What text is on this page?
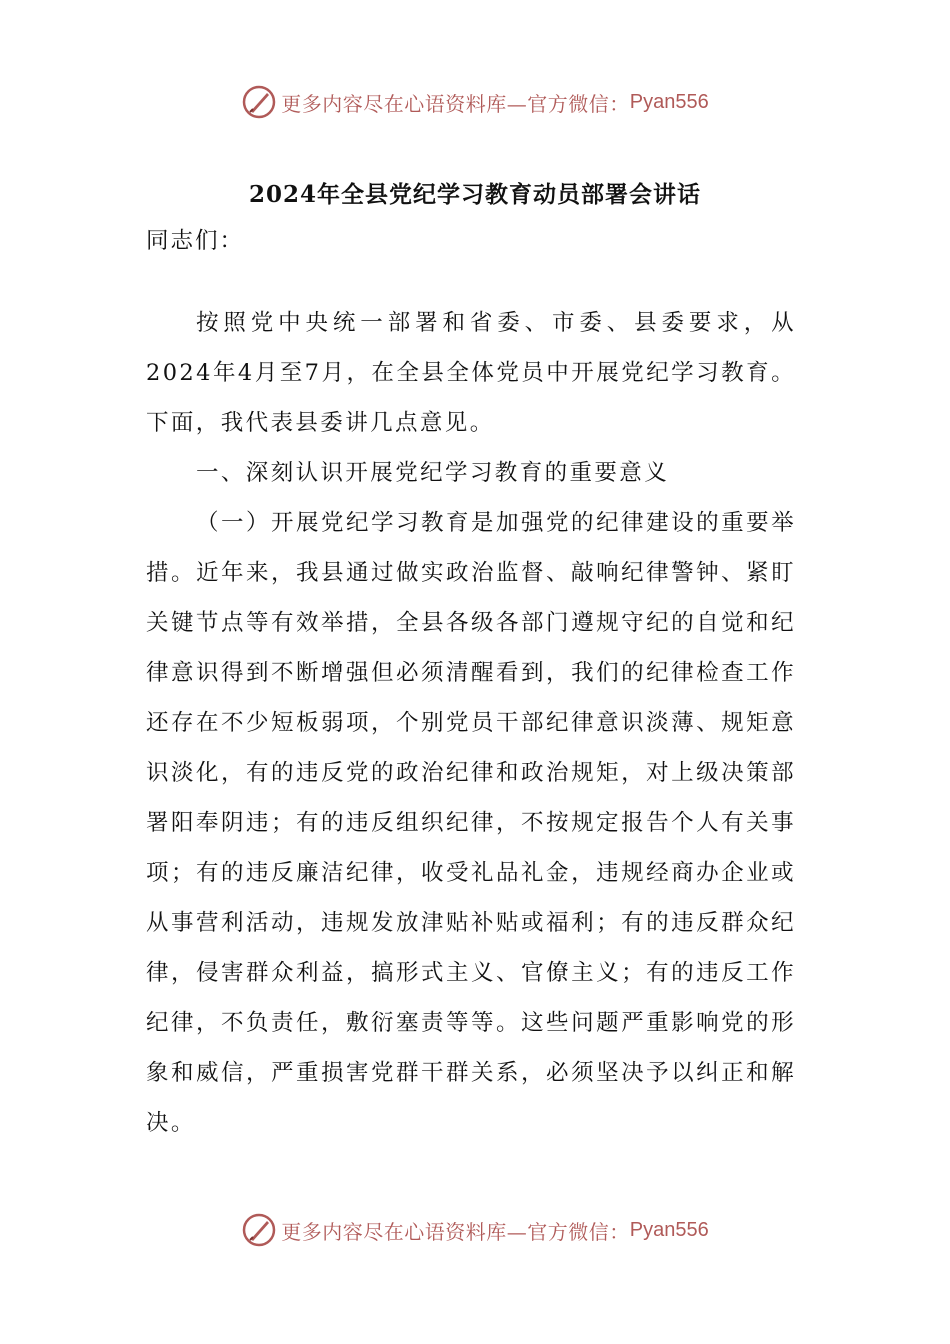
更多内容尽在心语资料库—官方微信： Pyan556
2024年全县党纪学习教育动员部署会讲话
同志们：

按照党中央统一部署和省委、市委、县委要求，从2024年4月至7月，在全县全体党员中开展党纪学习教育。下面，我代表县委讲几点意见。

一、深刻认识开展党纪学习教育的重要意义

（一）开展党纪学习教育是加强党的纪律建设的重要举措。近年来，我县通过做实政治监督、敲响纪律警钟、紧盯关键节点等有效举措，全县各级各部门遵规守纪的自觉和纪律意识得到不断增强但必须清醒看到，我们的纪律检查工作还存在不少短板弱项，个别党员干部纪律意识淡薄、规矩意识淡化，有的违反党的政治纪律和政治规矩，对上级决策部署阳奉阴违；有的违反组织纪律，不按规定报告个人有关事项；有的违反廉洁纪律，收受礼品礼金，违规经商办企业或从事营利活动，违规发放津贴补贴或福利；有的违反群众纪律，侵害群众利益，搞形式主义、官僚主义；有的违反工作纪律，不负责任，敷衍塞责等等。这些问题严重影响党的形象和威信，严重损害党群干群关系，必须坚决予以纠正和解决。

更多内容尽在心语资料库—官方微信： Pyan556
